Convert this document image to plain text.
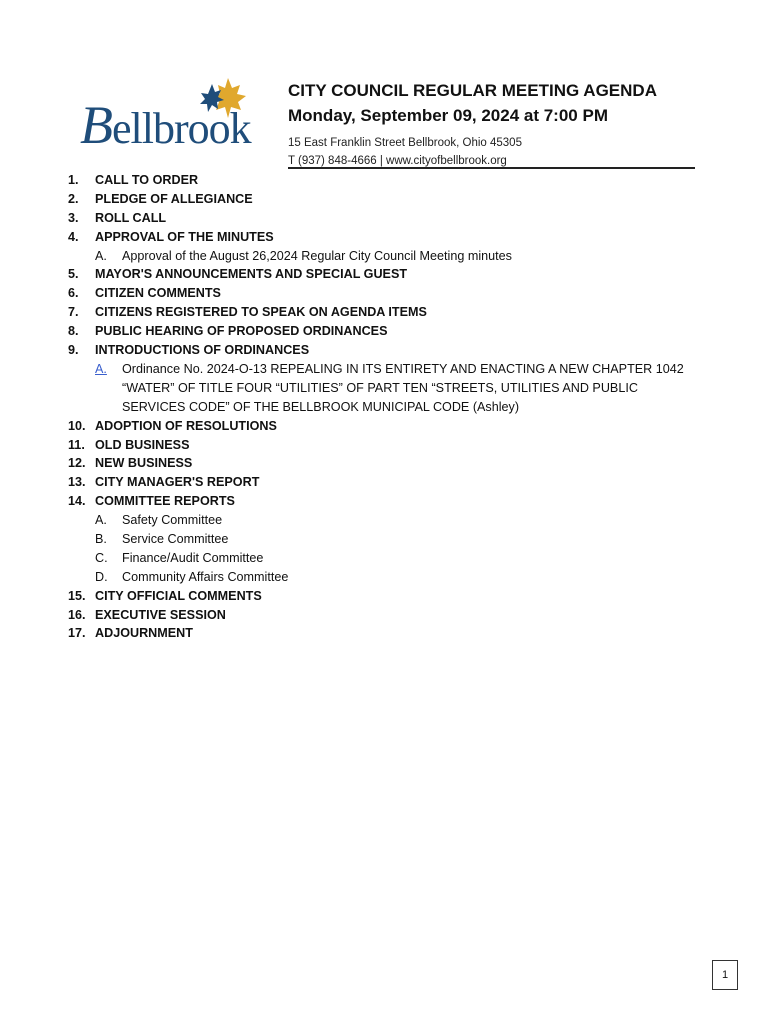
Bellbrook
CITY COUNCIL REGULAR MEETING AGENDA
Monday, September 09, 2024 at 7:00 PM
15 East Franklin Street Bellbrook, Ohio 45305
T (937) 848-4666 | www.cityofbellbrook.org
1.	CALL TO ORDER
2.	PLEDGE OF ALLEGIANCE
3.	ROLL CALL
4.	APPROVAL OF THE MINUTES
A.	Approval of the August 26,2024 Regular City Council Meeting minutes
5.	MAYOR'S ANNOUNCEMENTS AND SPECIAL GUEST
6.	CITIZEN COMMENTS
7.	CITIZENS REGISTERED TO SPEAK ON AGENDA ITEMS
8.	PUBLIC HEARING OF PROPOSED ORDINANCES
9.	INTRODUCTIONS OF ORDINANCES
A.	Ordinance No. 2024-O-13 REPEALING IN ITS ENTIRETY AND ENACTING A NEW CHAPTER 1042 “WATER” OF TITLE FOUR “UTILITIES” OF PART TEN “STREETS, UTILITIES AND PUBLIC SERVICES CODE” OF THE BELLBROOK MUNICIPAL CODE (Ashley)
10. ADOPTION OF RESOLUTIONS
11. OLD BUSINESS
12. NEW BUSINESS
13. CITY MANAGER'S REPORT
14. COMMITTEE REPORTS
A.	Safety Committee
B.	Service Committee
C.	Finance/Audit Committee
D.	Community Affairs Committee
15. CITY OFFICIAL COMMENTS
16. EXECUTIVE SESSION
17. ADJOURNMENT
1
